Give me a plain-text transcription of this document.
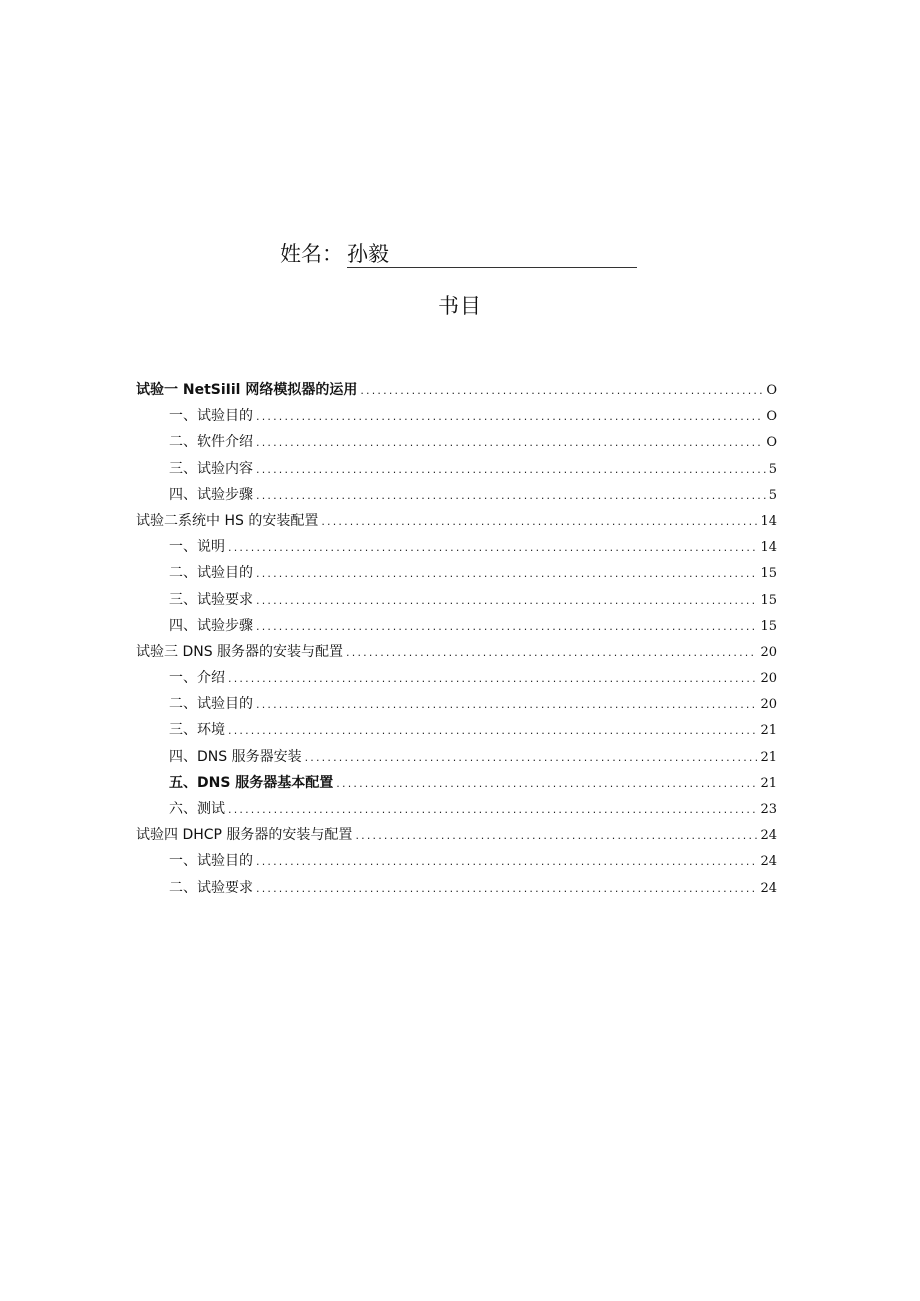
姓名： 孙毅
书目
试验一 NetSiIil 网络模拟器的运用 .....	O
一、试验目的 .....	O
二、软件介绍 .....	O
三、试验内容 .....	5
四、试验步骤 .....	5
试验二系统中 HS 的安装配置 .....	14
一、说明 .....	14
二、试验目的 .....	15
三、试验要求 .....	15
四、试验步骤 .....	15
试验三 DNS 服务器的安装与配置 .....	20
一、介绍 .....	20
二、试验目的 .....	20
三、环境 .....	21
四、DNS 服务器安装 .....	21
五、DNS 服务器基本配置 .....	21
六、测试 .....	23
试验四 DHCP 服务器的安装与配置 .....	24
一、试验目的 .....	24
二、试验要求 .....	24
